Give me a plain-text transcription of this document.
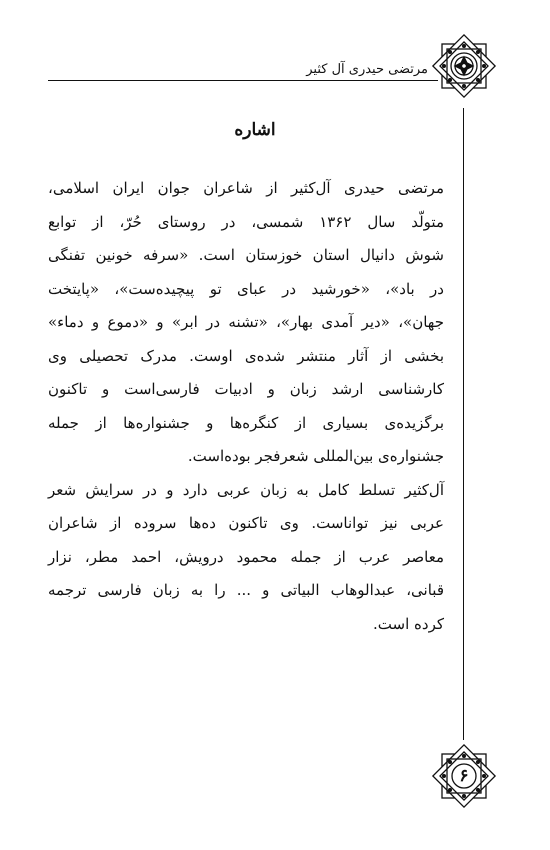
مرتضی حیدری آل کثیر
اشاره
مرتضی حیدری آل‌کثیر از شاعران جوان ایران اسلامی،
متولّد سال ۱۳۶۲ شمسی، در روستای حُرّ، از توابع
شوش دانیال استان خوزستان است. «سرفه خونین تفنگی
در باد»، «خورشید در عبای تو پیچیده‌ست»، «پایتخت
جهان»، «دیر آمدی بهار»، «تشنه در ابر» و «دموع و دماء»
بخشی از آثار منتشر شده‌ی اوست. مدرک تحصیلی وی
کارشناسی ارشد زبان و ادبیات فارسی‌است و تاکنون
برگزیده‌ی بسیاری از کنگره‌ها و جشنواره‌ها از جمله
جشنواره‌ی بین‌المللی شعرفجر بوده‌است.
آل‌کثیر تسلط کامل به زبان عربی دارد و در سرایش شعر
عربی نیز تواناست. وی تاکنون ده‌ها سروده از شاعران
معاصر عرب از جمله محمود درویش، احمد مطر، نزار
قبانی، عبدالوهاب البیاتی و ... را به زبان فارسی ترجمه
کرده است.
۶
